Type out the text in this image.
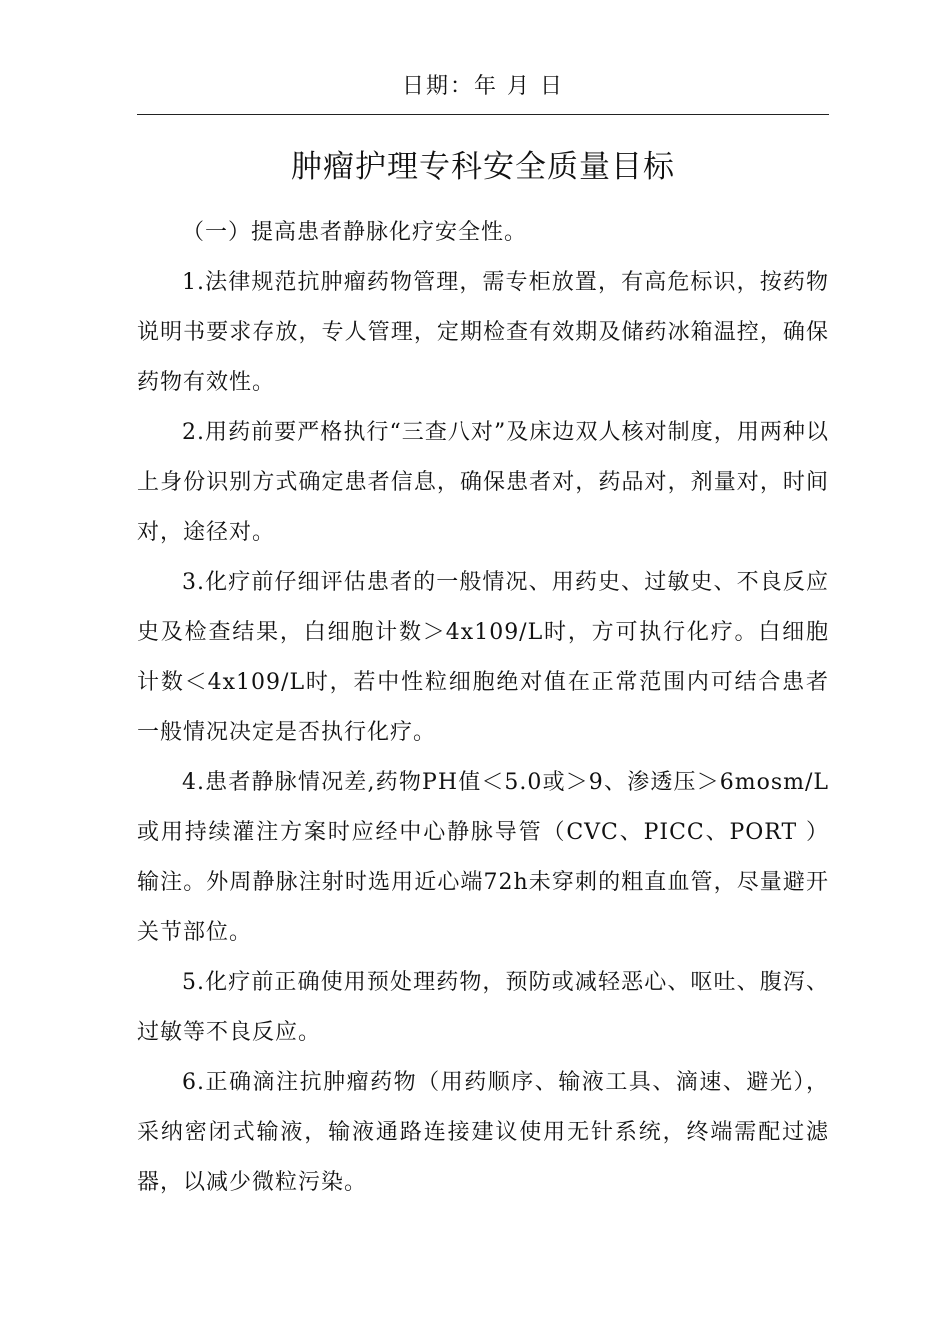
日期：年 月 日
肿瘤护理专科安全质量目标

（一）提高患者静脉化疗安全性。

1.法律规范抗肿瘤药物管理，需专柜放置，有高危标识，按药物说明书要求存放，专人管理，定期检查有效期及储药冰箱温控，确保药物有效性。

2.用药前要严格执行“三查八对”及床边双人核对制度，用两种以上身份识别方式确定患者信息，确保患者对，药品对，剂量对，时间对，途径对。

3.化疗前仔细评估患者的一般情况、用药史、过敏史、不良反应史及检查结果，白细胞计数＞4x109/L时，方可执行化疗。白细胞计数＜4x109/L时，若中性粒细胞绝对值在正常范围内可结合患者一般情况决定是否执行化疗。

4.患者静脉情况差,药物PH值＜5.0或＞9、渗透压＞6mosm/L或用持续灌注方案时应经中心静脉导管（CVC、PICC、PORT ）输注。外周静脉注射时选用近心端72h未穿刺的粗直血管，尽量避开关节部位。

5.化疗前正确使用预处理药物，预防或减轻恶心、呕吐、腹泻、过敏等不良反应。

6.正确滴注抗肿瘤药物（用药顺序、输液工具、滴速、避光），采纳密闭式输液，输液通路连接建议使用无针系统，终端需配过滤器，以减少微粒污染。
